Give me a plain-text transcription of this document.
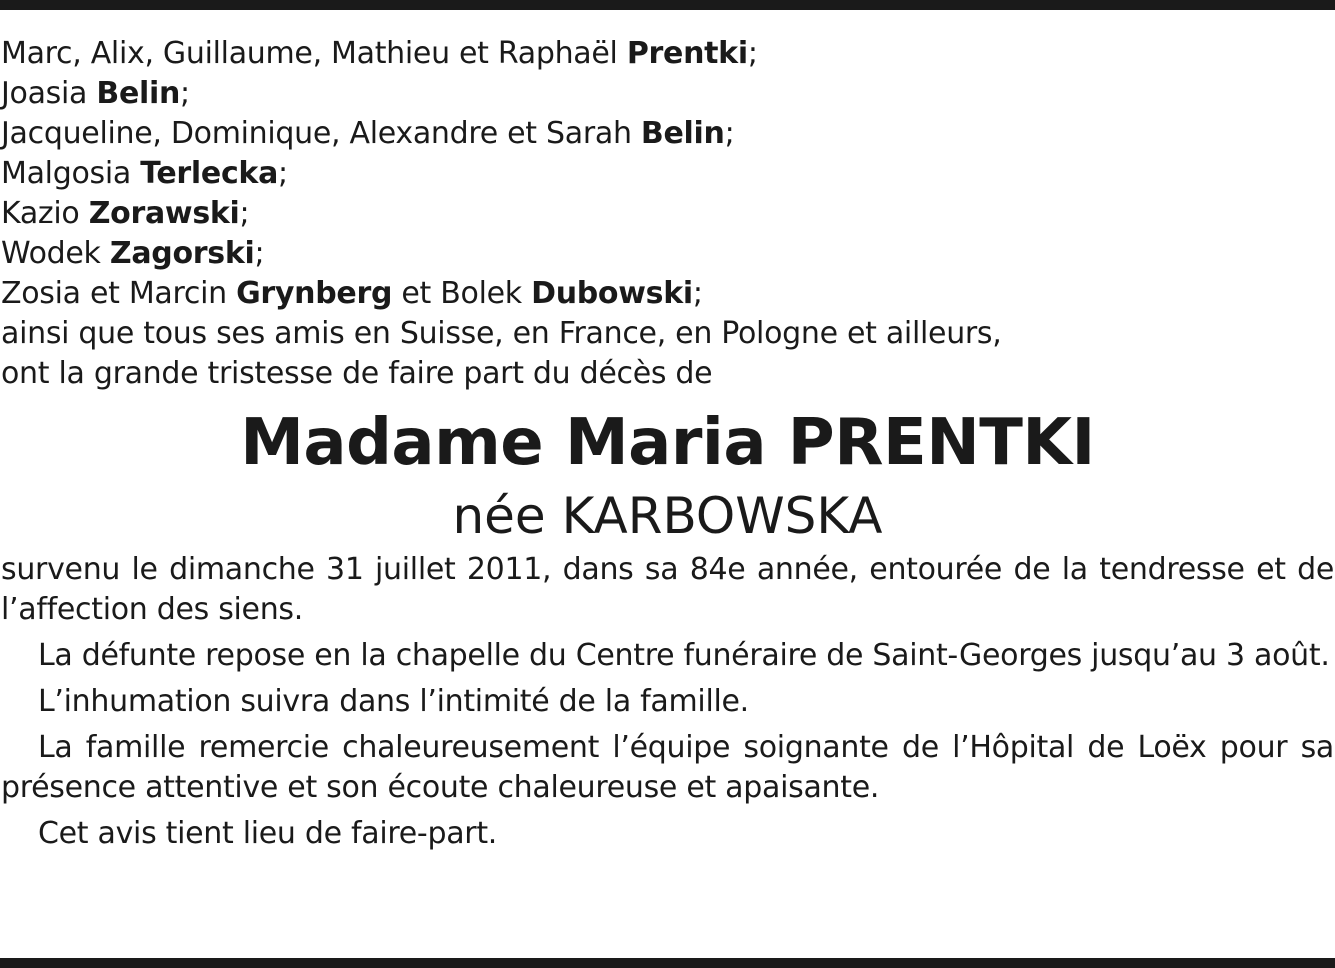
Marc, Alix, Guillaume, Mathieu et Raphaël Prentki;
Joasia Belin;
Jacqueline, Dominique, Alexandre et Sarah Belin;
Malgosia Terlecka;
Kazio Zorawski;
Wodek Zagorski;
Zosia et Marcin Grynberg et Bolek Dubowski;
ainsi que tous ses amis en Suisse, en France, en Pologne et ailleurs,
ont la grande tristesse de faire part du décès de
Madame Maria PRENTKI
née KARBOWSKA
survenu le dimanche 31 juillet 2011, dans sa 84e année, entourée de la tendresse et de l’affection des siens.
La défunte repose en la chapelle du Centre funéraire de Saint-Georges jusqu’au 3 août.
L’inhumation suivra dans l’intimité de la famille.
La famille remercie chaleureusement l’équipe soignante de l’Hôpital de Loëx pour sa présence attentive et son écoute chaleureuse et apaisante.
Cet avis tient lieu de faire-part.
